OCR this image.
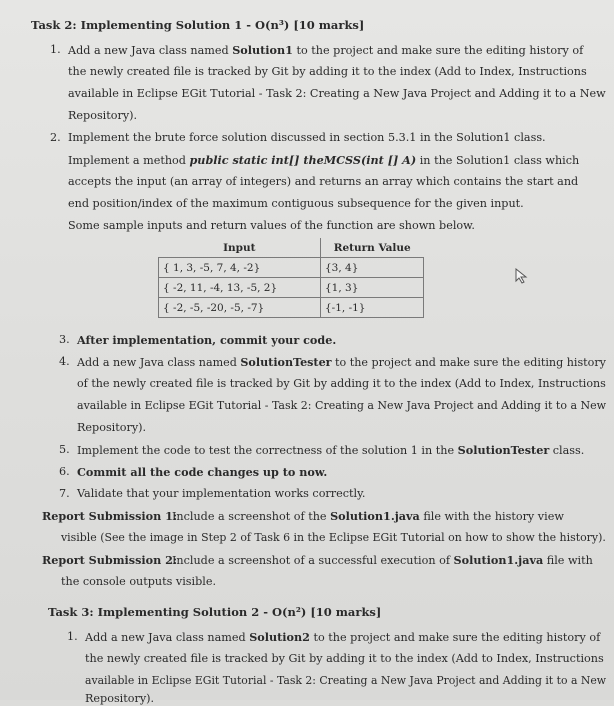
Task 2: Implementing Solution 1 - O(n³) [10 marks]
1. Add a new Java class named Solution1 to the project and make sure the editing history of
the newly created file is tracked by Git by adding it to the index (Add to Index, Instructions
available in Eclipse EGit Tutorial - Task 2: Creating a New Java Project and Adding it to a New
Repository).
2. Implement the brute force solution discussed in section 5.3.1 in the Solution1 class.
Implement a method public static int[] theMCSS(int [] A) in the Solution1 class which
accepts the input (an array of integers) and returns an array which contains the start and
end position/index of the maximum contiguous subsequence for the given input.
Some sample inputs and return values of the function are shown below.
Input	Return Value
{ 1, 3, -5, 7, 4, -2}	{3, 4}
{ -2, 11, -4, 13, -5, 2}	{1, 3}
{ -2, -5, -20, -5, -7}	{-1, -1}
3. After implementation, commit your code.
4. Add a new Java class named SolutionTester to the project and make sure the editing history
of the newly created file is tracked by Git by adding it to the index (Add to Index, Instructions
available in Eclipse EGit Tutorial - Task 2: Creating a New Java Project and Adding it to a New
Repository).
5. Implement the code to test the correctness of the solution 1 in the SolutionTester class.
6. Commit all the code changes up to now.
7. Validate that your implementation works correctly.
Report Submission 1:
Include a screenshot of the Solution1.java file with the history view
visible (See the image in Step 2 of Task 6 in the Eclipse EGit Tutorial on how to show the history).
Report Submission 2:
Include a screenshot of a successful execution of Solution1.java file with
the console outputs visible.
Task 3: Implementing Solution 2 - O(n²) [10 marks]
1. Add a new Java class named Solution2 to the project and make sure the editing history of
the newly created file is tracked by Git by adding it to the index (Add to Index, Instructions
available in Eclipse EGit Tutorial - Task 2: Creating a New Java Project and Adding it to a New
Repository).
